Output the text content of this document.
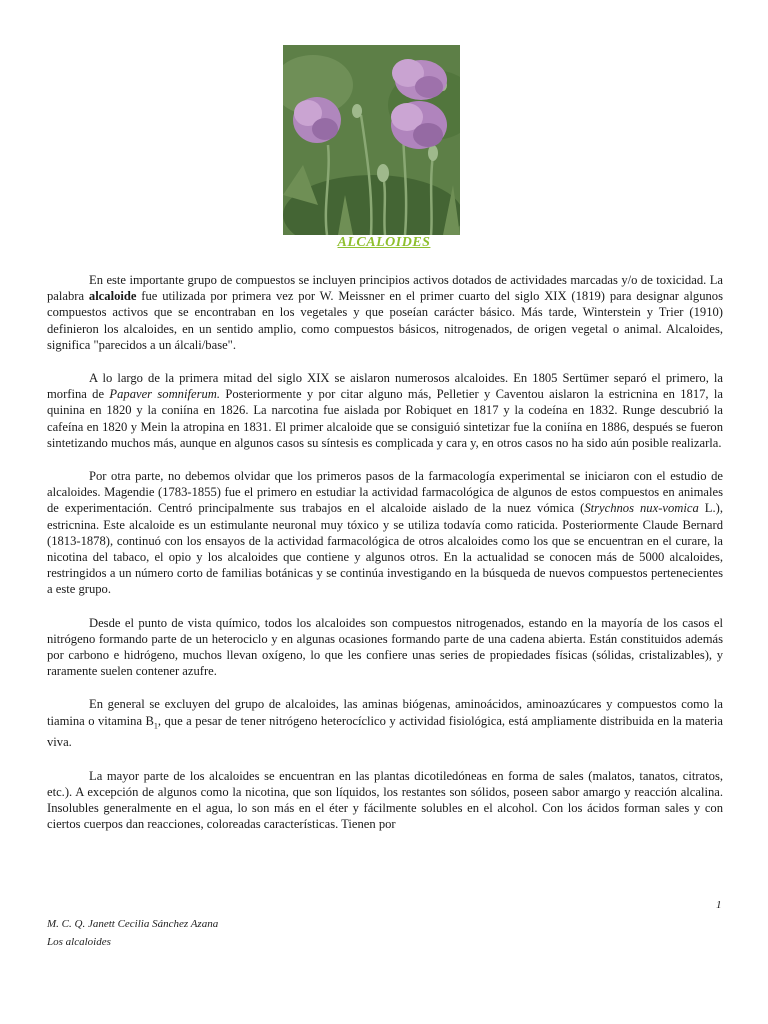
ALCALOIDES

En este importante grupo de compuestos se incluyen principios activos dotados de actividades marcadas y/o de toxicidad. La palabra alcaloide fue utilizada por primera vez por W. Meissner en el primer cuarto del siglo XIX (1819) para designar algunos compuestos activos que se encontraban en los vegetales y que poseían carácter básico. Más tarde, Winterstein y Trier (1910) definieron los alcaloides, en un sentido amplio, como compuestos básicos, nitrogenados, de origen vegetal o animal. Alcaloides, significa "parecidos a un álcali/base".

A lo largo de la primera mitad del siglo XIX se aislaron numerosos alcaloides. En 1805 Sertümer separó el primero, la morfina de Papaver somniferum. Posteriormente y por citar alguno más, Pelletier y Caventou aislaron la estricnina en 1817, la quinina en 1820 y la coniína en 1826. La narcotina fue aislada por Robiquet en 1817 y la codeína en 1832. Runge descubrió la cafeína en 1820 y Mein la atropina en 1831. El primer alcaloide que se consiguió sintetizar fue la coniína en 1886, después se fueron sintetizando muchos más, aunque en algunos casos su síntesis es complicada y cara y, en otros casos no ha sido aún posible realizarla.

Por otra parte, no debemos olvidar que los primeros pasos de la farmacología experimental se iniciaron con el estudio de alcaloides. Magendie (1783-1855) fue el primero en estudiar la actividad farmacológica de algunos de estos compuestos en animales de experimentación. Centró principalmente sus trabajos en el alcaloide aislado de la nuez vómica (Strychnos nux-vomica L.), estricnina. Este alcaloide es un estimulante neuronal muy tóxico y se utiliza todavía como raticida. Posteriormente Claude Bernard (1813-1878), continuó con los ensayos de la actividad farmacológica de otros alcaloides como los que se encuentran en el curare, la nicotina del tabaco, el opio y los alcaloides que contiene y algunos otros. En la actualidad se conocen más de 5000 alcaloides, restringidos a un número corto de familias botánicas y se continúa investigando en la búsqueda de nuevos compuestos pertenecientes a este grupo.

Desde el punto de vista químico, todos los alcaloides son compuestos nitrogenados, estando en la mayoría de los casos el nitrógeno formando parte de un heterociclo y en algunas ocasiones formando parte de una cadena abierta. Están constituidos además por carbono e hidrógeno, muchos llevan oxígeno, lo que les confiere unas series de propiedades físicas (sólidas, cristalizables), y raramente suelen contener azufre.

En general se excluyen del grupo de alcaloides, las aminas biógenas, aminoácidos, aminoazúcares y compuestos como la tiamina o vitamina $B_1$, que a pesar de tener nitrógeno heterocíclico y actividad fisiológica, está ampliamente distribuida en la materia viva.

La mayor parte de los alcaloides se encuentran en las plantas dicotiledóneas en forma de sales (malatos, tanatos, citratos, etc.). A excepción de algunos como la nicotina, que son líquidos, los restantes son sólidos, poseen sabor amargo y reacción alcalina. Insolubles generalmente en el agua, lo son más en el éter y fácilmente solubles en el alcohol. Con los ácidos forman sales y con ciertos cuerpos dan reacciones, coloreadas características. Tienen por

1
M. C. Q. Janett Cecilia Sánchez Azana
Los alcaloides
